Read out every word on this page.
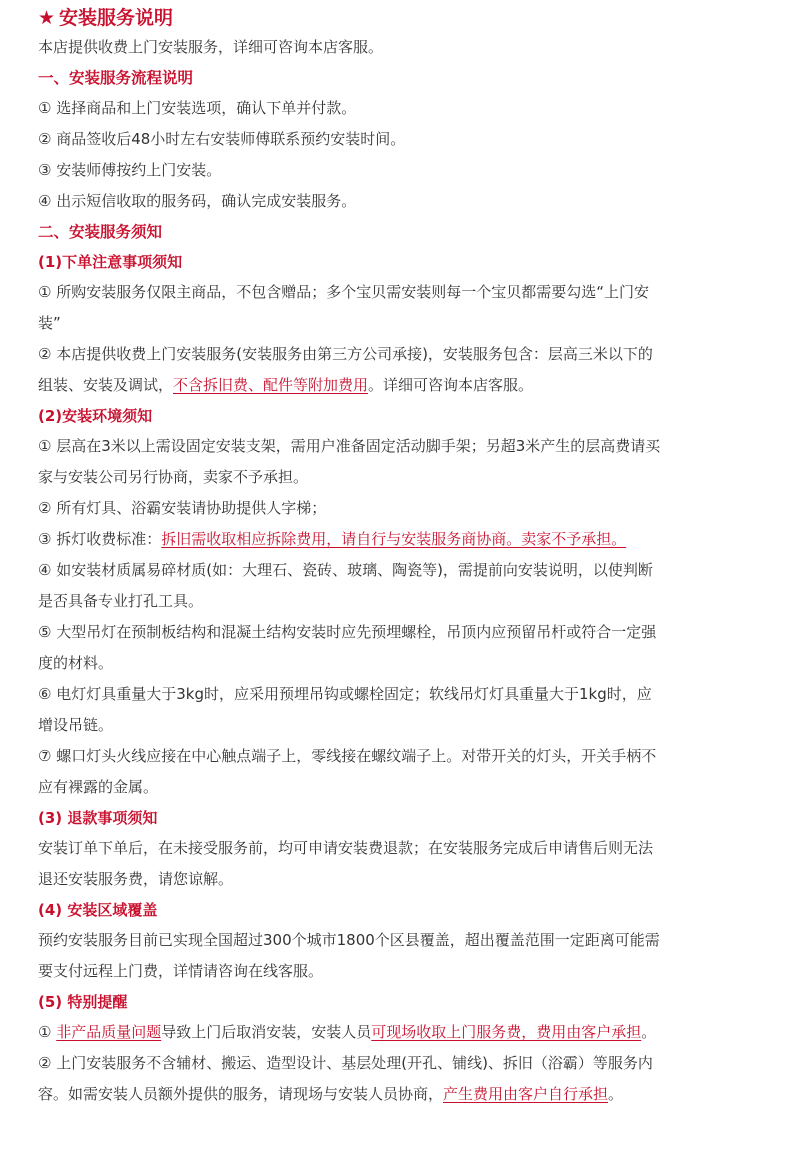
★ 安装服务说明
本店提供收费上门安装服务，详细可咨询本店客服。
一、安装服务流程说明
① 选择商品和上门安装选项，确认下单并付款。
② 商品签收后48小时左右安装师傅联系预约安装时间。
③ 安装师傅按约上门安装。
④ 出示短信收取的服务码，确认完成安装服务。
二、安装服务须知
(1)下单注意事项须知
① 所购安装服务仅限主商品，不包含赠品；多个宝贝需安装则每一个宝贝都需要勾选“上门安
装”
② 本店提供收费上门安装服务(安装服务由第三方公司承接)，安装服务包含：层高三米以下的
组装、安装及调试，不含拆旧费、配件等附加费用。详细可咨询本店客服。
(2)安装环境须知
① 层高在3米以上需设固定安装支架，需用户准备固定活动脚手架；另超3米产生的层高费请买
家与安装公司另行协商，卖家不予承担。
② 所有灯具、浴霸安装请协助提供人字梯；
③ 拆灯收费标准：拆旧需收取相应拆除费用，请自行与安装服务商协商。卖家不予承担。
④ 如安装材质属易碎材质(如：大理石、瓷砖、玻璃、陶瓷等)，需提前向安装说明，以使判断
是否具备专业打孔工具。
⑤ 大型吊灯在预制板结构和混凝土结构安装时应先预埋螺栓，吊顶内应预留吊杆或符合一定强
度的材料。
⑥ 电灯灯具重量大于3kg时，应采用预埋吊钩或螺栓固定；软线吊灯灯具重量大于1kg时，应
增设吊链。
⑦ 螺口灯头火线应接在中心触点端子上，零线接在螺纹端子上。对带开关的灯头，开关手柄不
应有裸露的金属。
(3) 退款事项须知
安装订单下单后，在未接受服务前，均可申请安装费退款；在安装服务完成后申请售后则无法
退还安装服务费，请您谅解。
(4) 安装区域覆盖
预约安装服务目前已实现全国超过300个城市1800个区县覆盖，超出覆盖范围一定距离可能需
要支付远程上门费，详情请咨询在线客服。
(5) 特别提醒
① 非产品质量问题导致上门后取消安装，安装人员可现场收取上门服务费，费用由客户承担。
② 上门安装服务不含辅材、搬运、造型设计、基层处理(开孔、铺线)、拆旧（浴霸）等服务内
容。如需安装人员额外提供的服务，请现场与安装人员协商，产生费用由客户自行承担。
